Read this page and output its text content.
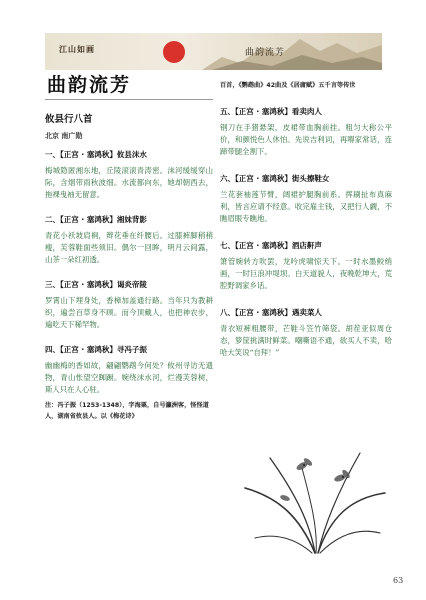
江山如画	曲韵流芳
曲韵流芳
攸县行八首
北京 南广勋
一、【正宫 · 塞鸿秋】攸县沫水
梅城隐匿湘东地，丘陵滚滚青涛密。沫河缓缓穿山际，含烟带雨秋波细。水流都向东，她却朝西去，拖裸曳袖无留意。
二、【正宫 · 塞鸿秋】湘妹背影
青花小袄坡肩裥，辫花垂在纤腰后。过膝裤脚稍稍瘦，芙蓉鞋面些须旧。偶尔一回眸，明月云间露，山茶一朵红初透。
三、【正宫 · 塞鸿秋】谒炎帝陵
罗霄山下埋身处，香樟加盖通行路。当年只为教耕织，遍尝百草身不顾。而今顶戴人，也把神农步，遍吃天下稀罕物。
四、【正宫 · 塞鸿秋】寻冯子振
幽幽梅的香如故，翩翩鹦鹉今何处？攸州寻访无遗物，青山怅望空踟蹰。婉绕沫水河，烂漫芙蓉树，斯人只在人心驻。
注：冯子振（1253-1348），字海粟，自号瀛洲客，怪怪道人，湖南省攸县人。以《梅花诗》
百首，《鹦鹉曲》42曲及《居庸赋》五千言等传世
五、【正宫 · 塞鸿秋】看卖肉人
钢刀在手猪悬架，皮裙带血胸前挂。粗匀大称公平价，和颜悦色人休怕。先说吉利词，再嘚家常话，连蹄带腿全割下。
六、【正宫 · 塞鸿秋】街头擦鞋女
兰花套袖莲节臂，阔裙护腿胸前系。挥刷扯布真麻利，皆言应请不经意。收完雇主钱，又把行人觑，不瞧眉眼专瞧地。
七、【正宫 · 塞鸿秋】酒店鼾声
箫管婉转方吹罢，龙吟虎啸惊天下。一时水墨鲛绡画，一时巨浪冲堤坝。白天道貌人，夜晚乾坤大，荒腔野调家乡话。
八、【正宫 · 塞鸿秋】遇卖菜人
青衣短裤粗腰带，芒鞋斗笠竹筛袋。胡茬亚似周仓态，箩筐挑满时鲜菜。嘲嘶语不通，欲买人不卖，哈哈大笑说“自拜！”
63
